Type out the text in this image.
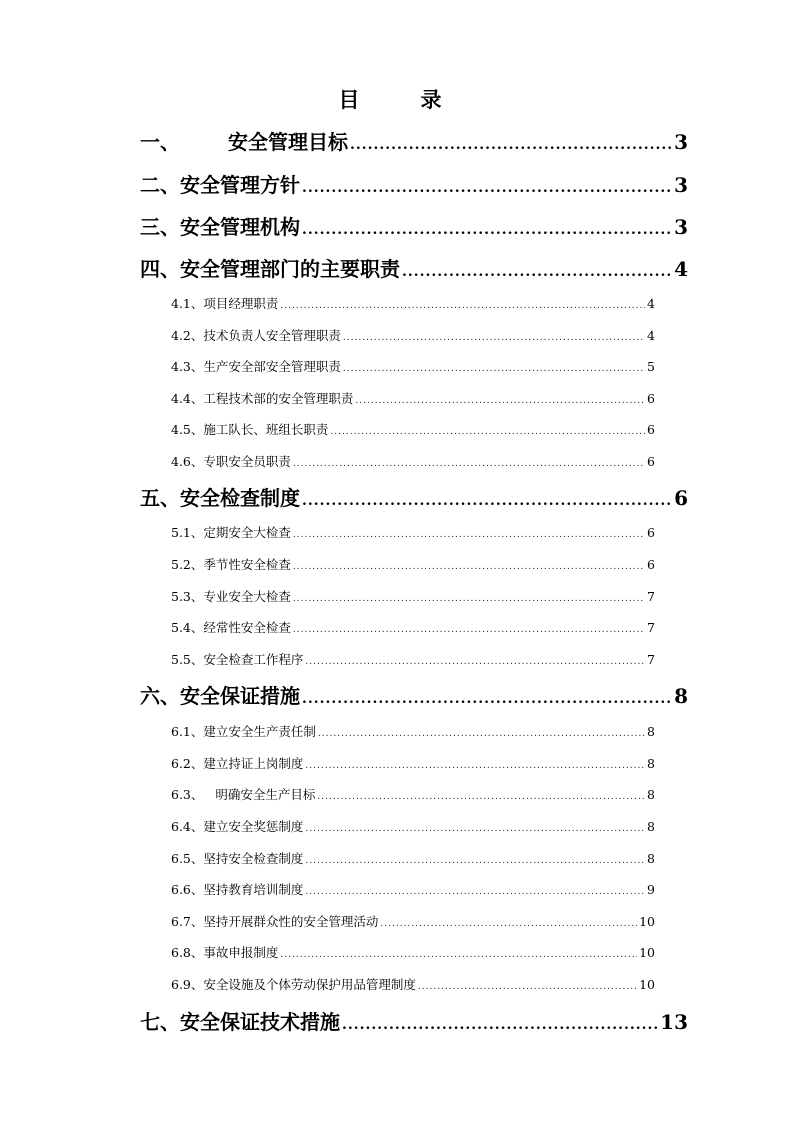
目　录
一、 安全管理目标 .....	3
二、 安全管理方针 .....	3
三、 安全管理机构 .....	3
四、 安全管理部门的主要职责 .....	4
4.1、 项目经理职责 .....	4
4.2、 技术负责人安全管理职责 .....	4
4.3、 生产安全部安全管理职责 .....	5
4.4、 工程技术部的安全管理职责 .....	6
4.5、 施工队长、班组长职责 .....	6
4.6、 专职安全员职责 .....	6
五、 安全检查制度 .....	6
5.1、 定期安全大检查 .....	6
5.2、 季节性安全检查 .....	6
5.3、 专业安全大检查 .....	7
5.4、 经常性安全检查 .....	7
5.5、 安全检查工作程序 .....	7
六、 安全保证措施 .....	8
6.1、 建立安全生产责任制 .....	8
6.2、 建立持证上岗制度 .....	8
6.3、 明确安全生产目标 .....	8
6.4、 建立安全奖惩制度 .....	8
6.5、 坚持安全检查制度 .....	8
6.6、 坚持教育培训制度 .....	9
6.7、 坚持开展群众性的安全管理活动 .....	10
6.8、 事故申报制度 .....	10
6.9、 安全设施及个体劳动保护用品管理制度 .....	10
七、 安全保证技术措施 .....	13
